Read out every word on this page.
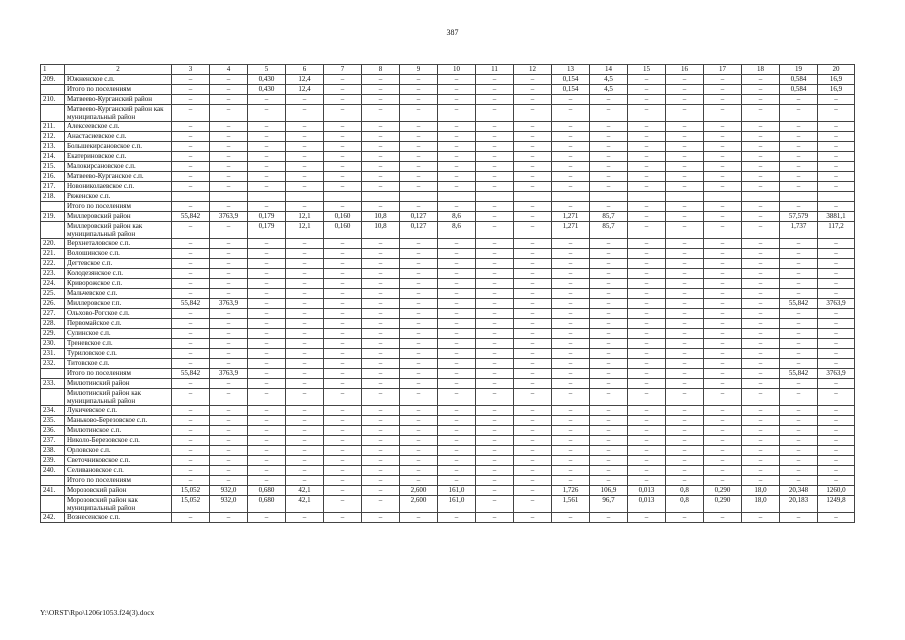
387
1	2	3	4	5	6	7	8	9	10	11	12	13	14	15	16	17	18	19	20
209.	Южненское с.п.	–	–	0,430	12,4	–	–	–	–	–	–	0,154	4,5	–	–	–	–	0,584	16,9
	Итого по поселениям	–	–	0,430	12,4	–	–	–	–	–	–	0,154	4,5	–	–	–	–	0,584	16,9
210.	Матвеево-Курганский район	–	–	–	–	–	–	–	–	–	–	–	–	–	–	–	–	–	–
	Матвеево-Курганский район как муниципальный район	–	–	–	–	–	–	–	–	–	–	–	–	–	–	–	–	–	–
211.	Алексеевское с.п.	–	–	–	–	–	–	–	–	–	–	–	–	–	–	–	–	–	–
212.	Анастасиевское с.п.	–	–	–	–	–	–	–	–	–	–	–	–	–	–	–	–	–	–
213.	Большекирсановское с.п.	–	–	–	–	–	–	–	–	–	–	–	–	–	–	–	–	–	–
214.	Екатериновское с.п.	–	–	–	–	–	–	–	–	–	–	–	–	–	–	–	–	–	–
215.	Малокирсановское с.п.	–	–	–	–	–	–	–	–	–	–	–	–	–	–	–	–	–	–
216.	Матвеево-Курганское с.п.	–	–	–	–	–	–	–	–	–	–	–	–	–	–	–	–	–	–
217.	Новониколаевское с.п.	–	–	–	–	–	–	–	–	–	–	–	–	–	–	–	–	–	–
218.	Ряженское с.п.																		
	Итого по поселениям	–	–	–	–	–	–	–	–	–	–	–	–	–	–	–	–	–	–
219.	Миллеровский район	55,842	3763,9	0,179	12,1	0,160	10,8	0,127	8,6	–	–	1,271	85,7	–	–	–	–	57,579	3881,1
	Миллеровский район как муниципальный район	–	–	0,179	12,1	0,160	10,8	0,127	8,6	–	–	1,271	85,7	–	–	–	–	1,737	117,2
220.	Верхнеталовское с.п.	–	–	–	–	–	–	–	–	–	–	–	–	–	–	–	–	–	–
221.	Волошинское с.п.	–	–	–	–	–	–	–	–	–	–	–	–	–	–	–	–	–	–
222.	Дегтевское с.п.	–	–	–	–	–	–	–	–	–	–	–	–	–	–	–	–	–	–
223.	Колодезянское с.п.	–	–	–	–	–	–	–	–	–	–	–	–	–	–	–	–	–	–
224.	Криворожское с.п.	–	–	–	–	–	–	–	–	–	–	–	–	–	–	–	–	–	–
225.	Мальчевское с.п.	–	–	–	–	–	–	–	–	–	–	–	–	–	–	–	–	–	–
226.	Миллеровское г.п.	55,842	3763,9	–	–	–	–	–	–	–	–	–	–	–	–	–	–	55,842	3763,9
227.	Ольхово-Рогское с.п.	–	–	–	–	–	–	–	–	–	–	–	–	–	–	–	–	–	–
228.	Первомайское с.п.	–	–	–	–	–	–	–	–	–	–	–	–	–	–	–	–	–	–
229.	Сулинское с.п.	–	–	–	–	–	–	–	–	–	–	–	–	–	–	–	–	–	–
230.	Треневское с.п.	–	–	–	–	–	–	–	–	–	–	–	–	–	–	–	–	–	–
231.	Туриловское с.п.	–	–	–	–	–	–	–	–	–	–	–	–	–	–	–	–	–	–
232.	Титовское с.п.	–	–	–	–	–	–	–	–	–	–	–	–	–	–	–	–	–	–
	Итого по поселениям	55,842	3763,9	–	–	–	–	–	–	–	–	–	–	–	–	–	–	55,842	3763,9
233.	Милютинский район	–	–	–	–	–	–	–	–	–	–	–	–	–	–	–	–	–	–
	Милютинский район как муниципальный район	–	–	–	–	–	–	–	–	–	–	–	–	–	–	–	–	–	–
234.	Лукичевское с.п.	–	–	–	–	–	–	–	–	–	–	–	–	–	–	–	–	–	–
235.	Маньково-Березовское с.п.	–	–	–	–	–	–	–	–	–	–	–	–	–	–	–	–	–	–
236.	Милютинское с.п.	–	–	–	–	–	–	–	–	–	–	–	–	–	–	–	–	–	–
237.	Николо-Березовское с.п.	–	–	–	–	–	–	–	–	–	–	–	–	–	–	–	–	–	–
238.	Орловское с.п.	–	–	–	–	–	–	–	–	–	–	–	–	–	–	–	–	–	–
239.	Светочниковское с.п.	–	–	–	–	–	–	–	–	–	–	–	–	–	–	–	–	–	–
240.	Селивановское с.п.	–	–	–	–	–	–	–	–	–	–	–	–	–	–	–	–	–	–
	Итого по поселениям	–	–	–	–	–	–	–	–	–	–	–	–	–	–	–	–	–	–
241.	Морозовский район	15,052	932,0	0,680	42,1	–	–	2,600	161,0	–	–	1,726	106,9	0,013	0,8	0,290	18,0	20,348	1260,0
	Морозовский район как муниципальный район	15,052	932,0	0,680	42,1	–	–	2,600	161,0	–	–	1,561	96,7	0,013	0,8	0,290	18,0	20,183	1249,8
242.	Вознесенское с.п.	–	–	–	–	–	–	–	–	–	–	–	–	–	–	–	–	–	–
Y:\ORST\Rpo\1206r1053.f24(3).docx
